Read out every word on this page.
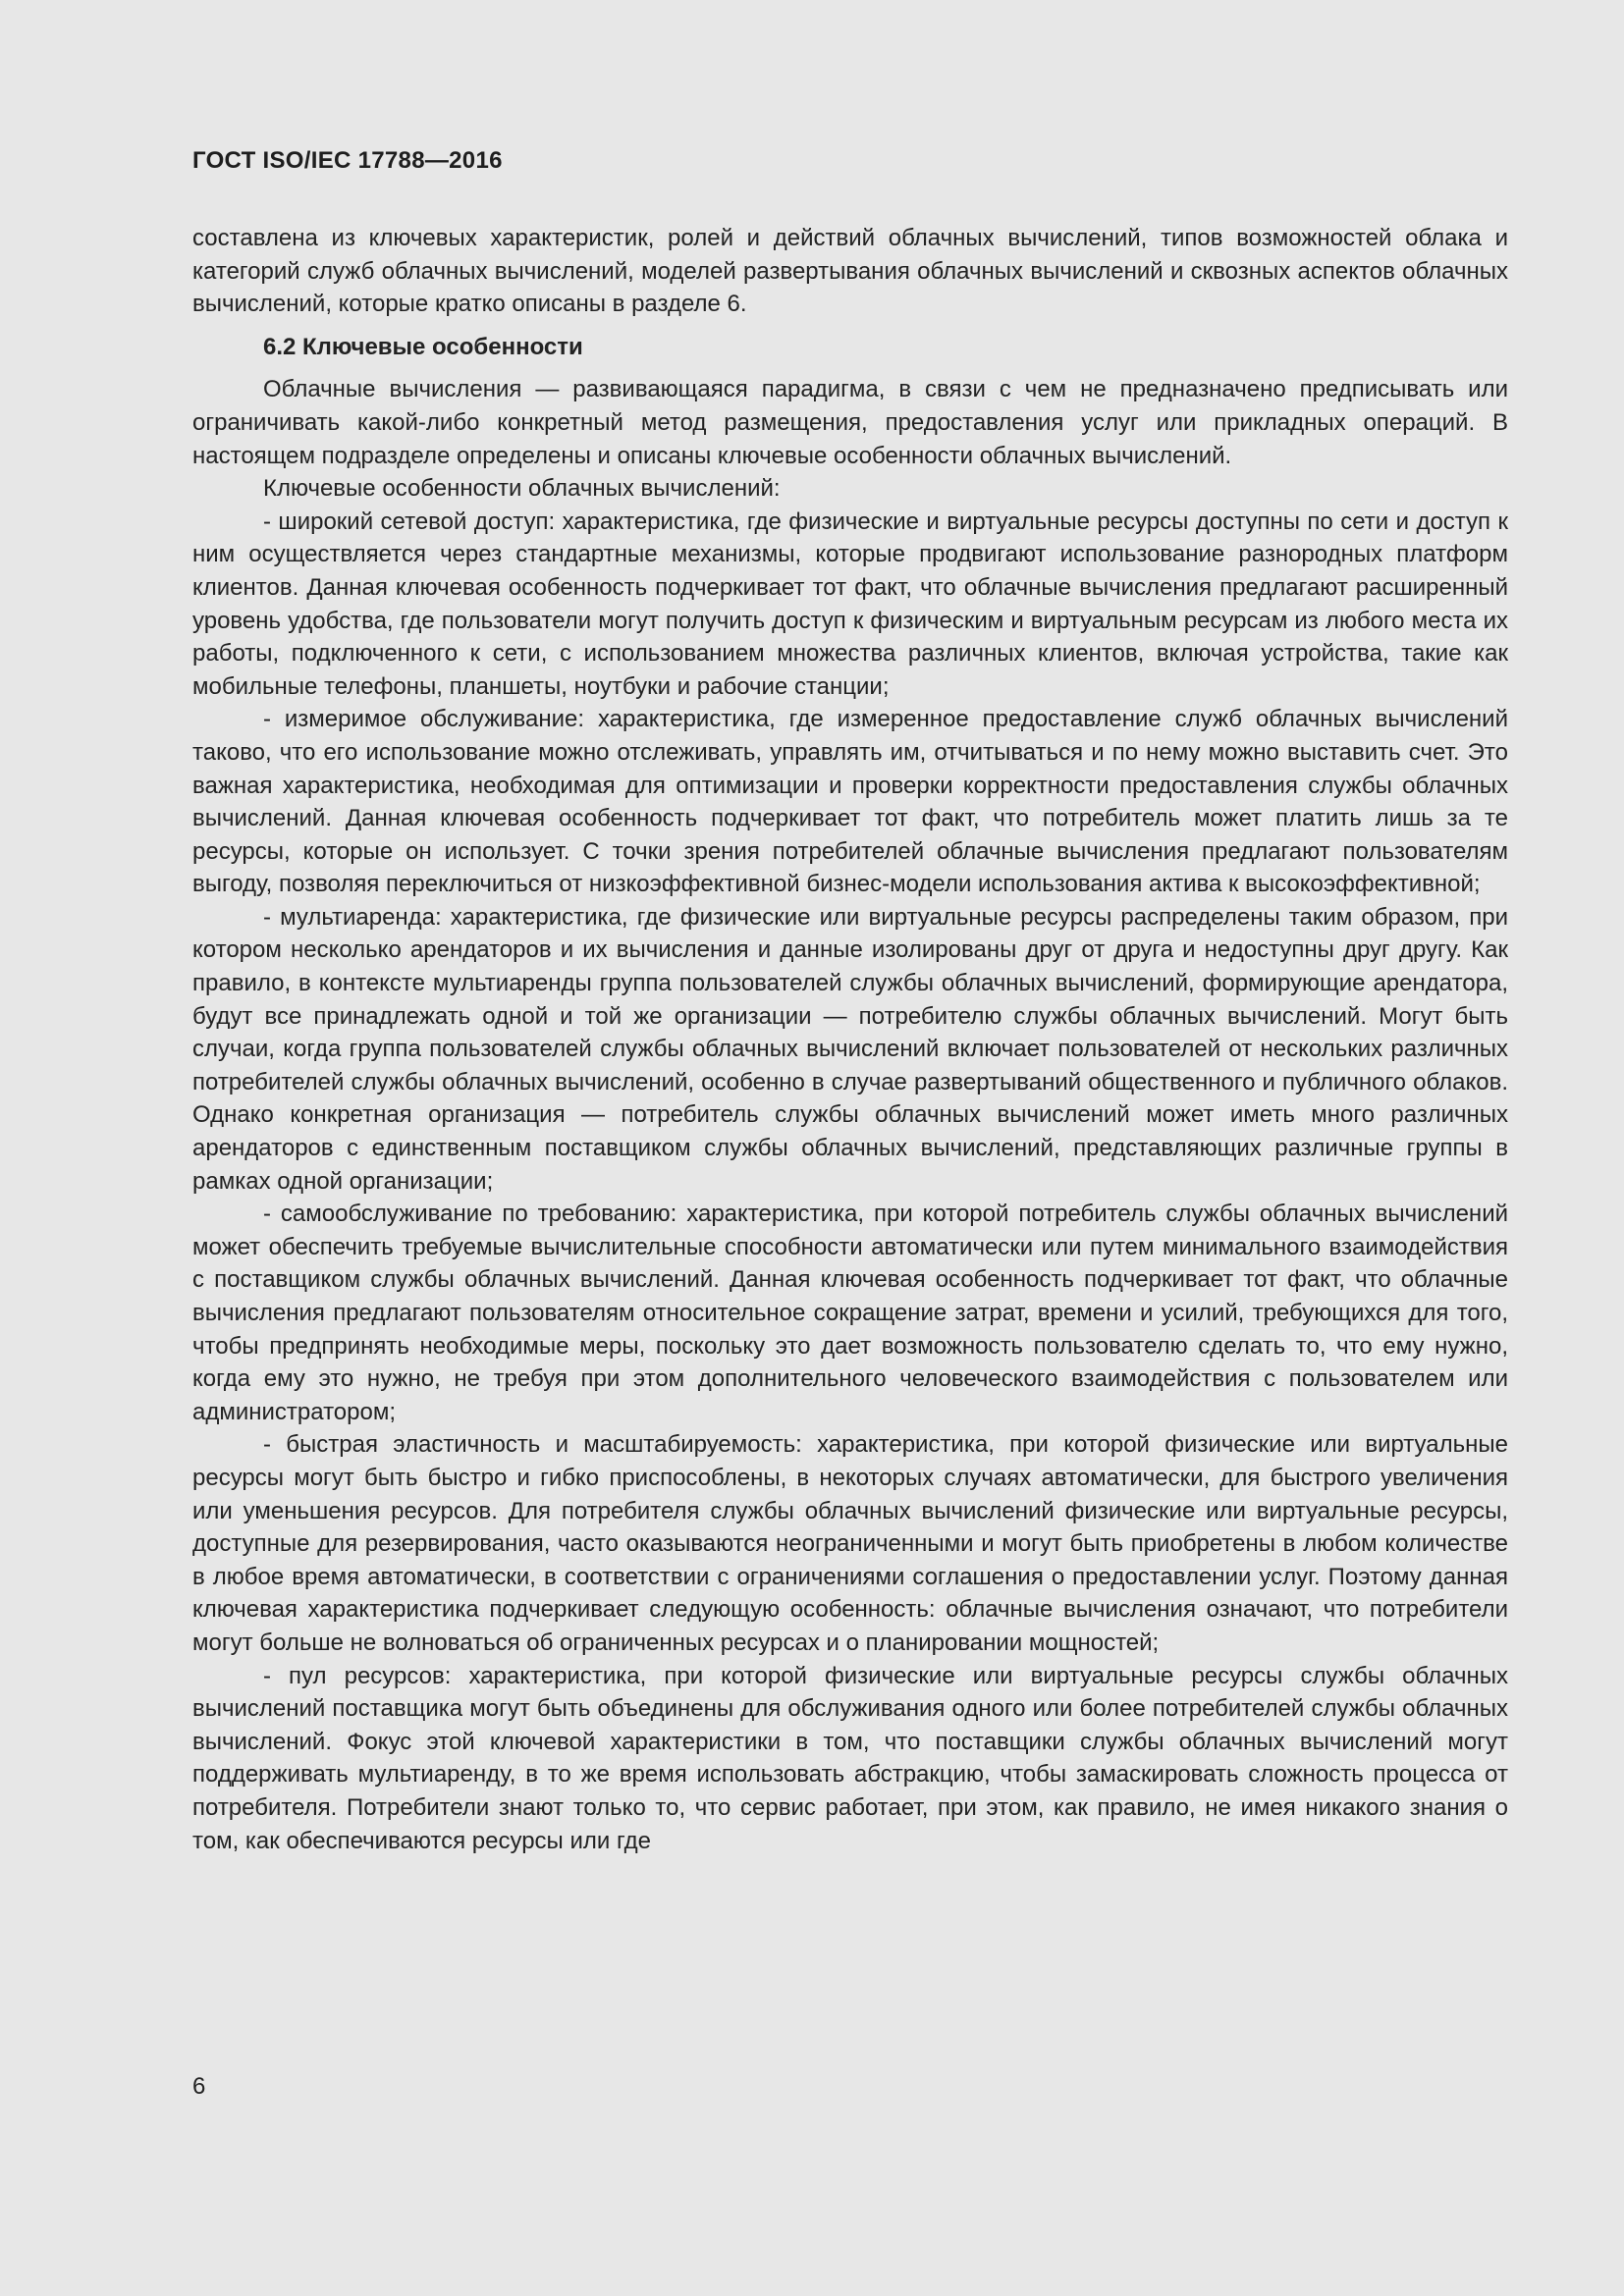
ГОСТ ISO/IEC 17788—2016

составлена из ключевых характеристик, ролей и действий облачных вычислений, типов возможностей облака и категорий служб облачных вычислений, моделей развертывания облачных вычислений и сквозных аспектов облачных вычислений, которые кратко описаны в разделе 6.

6.2 Ключевые особенности

Облачные вычисления — развивающаяся парадигма, в связи с чем не предназначено предписывать или ограничивать какой-либо конкретный метод размещения, предоставления услуг или прикладных операций. В настоящем подразделе определены и описаны ключевые особенности облачных вычислений.

Ключевые особенности облачных вычислений:

- широкий сетевой доступ: характеристика, где физические и виртуальные ресурсы доступны по сети и доступ к ним осуществляется через стандартные механизмы, которые продвигают использование разнородных платформ клиентов. Данная ключевая особенность подчеркивает тот факт, что облачные вычисления предлагают расширенный уровень удобства, где пользователи могут получить доступ к физическим и виртуальным ресурсам из любого места их работы, подключенного к сети, с использованием множества различных клиентов, включая устройства, такие как мобильные телефоны, планшеты, ноутбуки и рабочие станции;

- измеримое обслуживание: характеристика, где измеренное предоставление служб облачных вычислений таково, что его использование можно отслеживать, управлять им, отчитываться и по нему можно выставить счет. Это важная характеристика, необходимая для оптимизации и проверки корректности предоставления службы облачных вычислений. Данная ключевая особенность подчеркивает тот факт, что потребитель может платить лишь за те ресурсы, которые он использует. С точки зрения потребителей облачные вычисления предлагают пользователям выгоду, позволяя переключиться от низкоэффективной бизнес-модели использования актива к высокоэффективной;

- мультиаренда: характеристика, где физические или виртуальные ресурсы распределены таким образом, при котором несколько арендаторов и их вычисления и данные изолированы друг от друга и недоступны друг другу. Как правило, в контексте мультиаренды группа пользователей службы облачных вычислений, формирующие арендатора, будут все принадлежать одной и той же организации — потребителю службы облачных вычислений. Могут быть случаи, когда группа пользователей службы облачных вычислений включает пользователей от нескольких различных потребителей службы облачных вычислений, особенно в случае развертываний общественного и публичного облаков. Однако конкретная организация — потребитель службы облачных вычислений может иметь много различных арендаторов с единственным поставщиком службы облачных вычислений, представляющих различные группы в рамках одной организации;

- самообслуживание по требованию: характеристика, при которой потребитель службы облачных вычислений может обеспечить требуемые вычислительные способности автоматически или путем минимального взаимодействия с поставщиком службы облачных вычислений. Данная ключевая особенность подчеркивает тот факт, что облачные вычисления предлагают пользователям относительное сокращение затрат, времени и усилий, требующихся для того, чтобы предпринять необходимые меры, поскольку это дает возможность пользователю сделать то, что ему нужно, когда ему это нужно, не требуя при этом дополнительного человеческого взаимодействия с пользователем или администратором;

- быстрая эластичность и масштабируемость: характеристика, при которой физические или виртуальные ресурсы могут быть быстро и гибко приспособлены, в некоторых случаях автоматически, для быстрого увеличения или уменьшения ресурсов. Для потребителя службы облачных вычислений физические или виртуальные ресурсы, доступные для резервирования, часто оказываются неограниченными и могут быть приобретены в любом количестве в любое время автоматически, в соответствии с ограничениями соглашения о предоставлении услуг. Поэтому данная ключевая характеристика подчеркивает следующую особенность: облачные вычисления означают, что потребители могут больше не волноваться об ограниченных ресурсах и о планировании мощностей;

- пул ресурсов: характеристика, при которой физические или виртуальные ресурсы службы облачных вычислений поставщика могут быть объединены для обслуживания одного или более потребителей службы облачных вычислений. Фокус этой ключевой характеристики в том, что поставщики службы облачных вычислений могут поддерживать мультиаренду, в то же время использовать абстракцию, чтобы замаскировать сложность процесса от потребителя. Потребители знают только то, что сервис работает, при этом, как правило, не имея никакого знания о том, как обеспечиваются ресурсы или где

6
